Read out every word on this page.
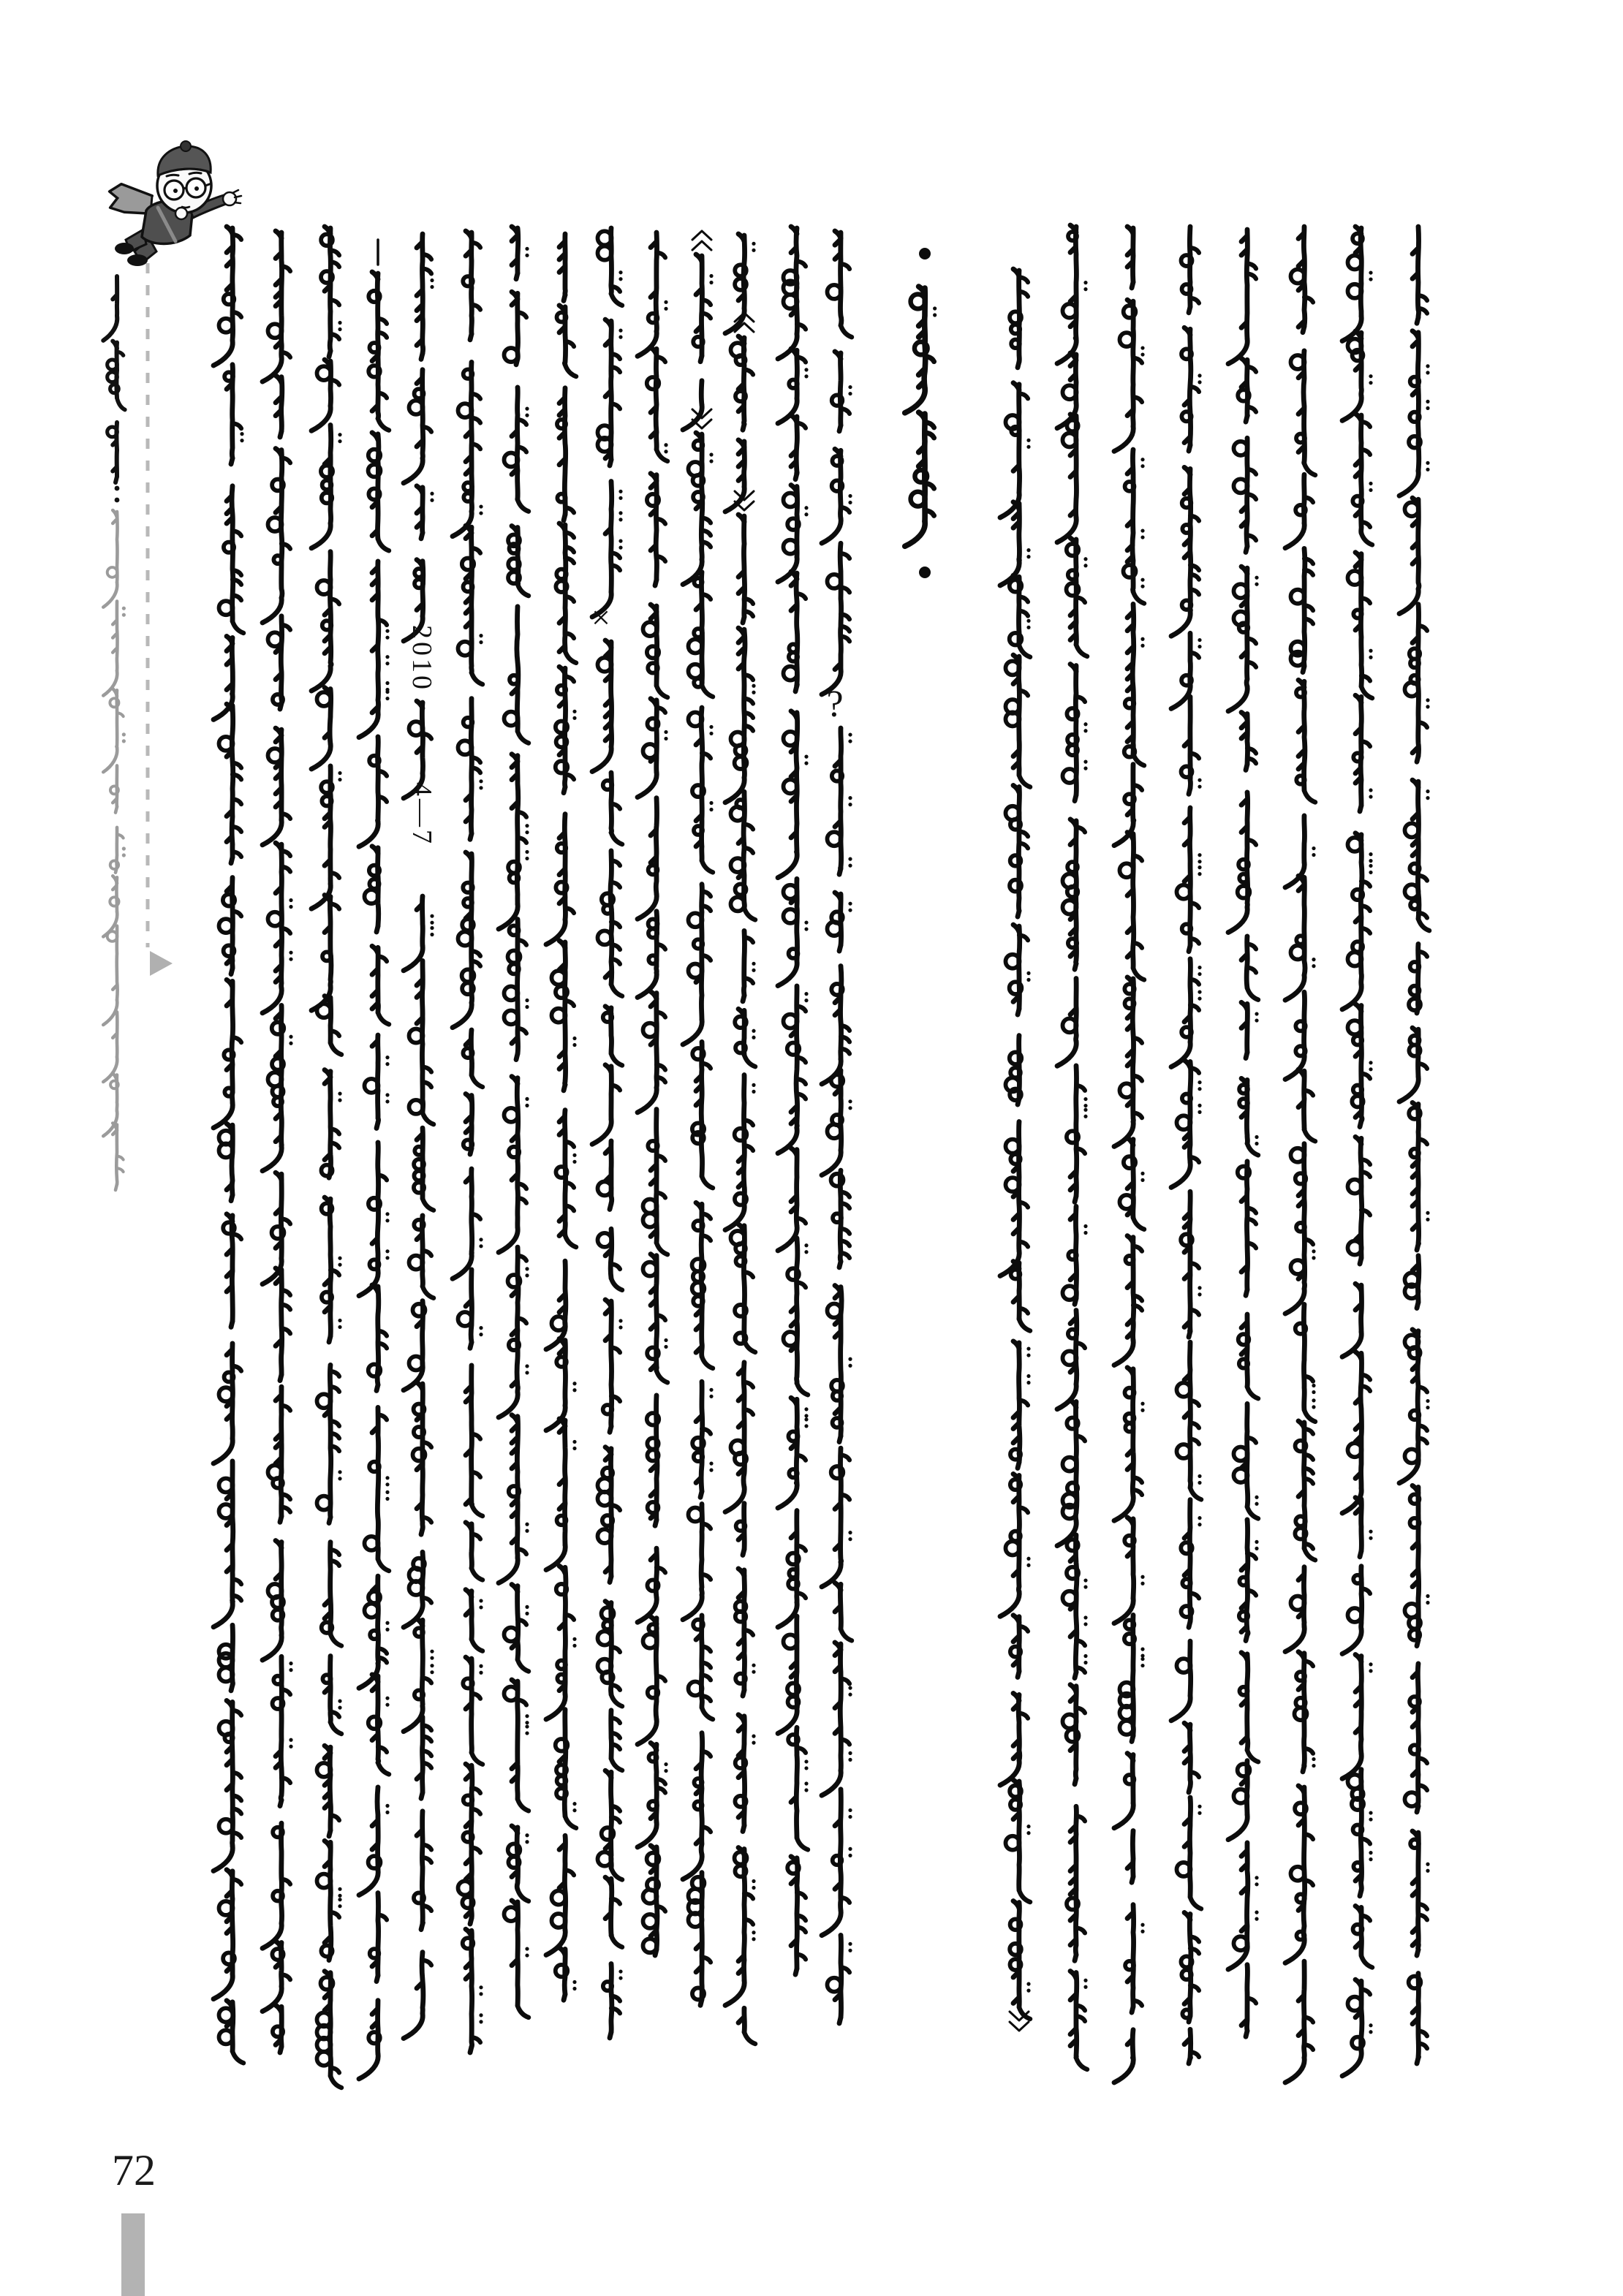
2010
4—7
×
?
72
